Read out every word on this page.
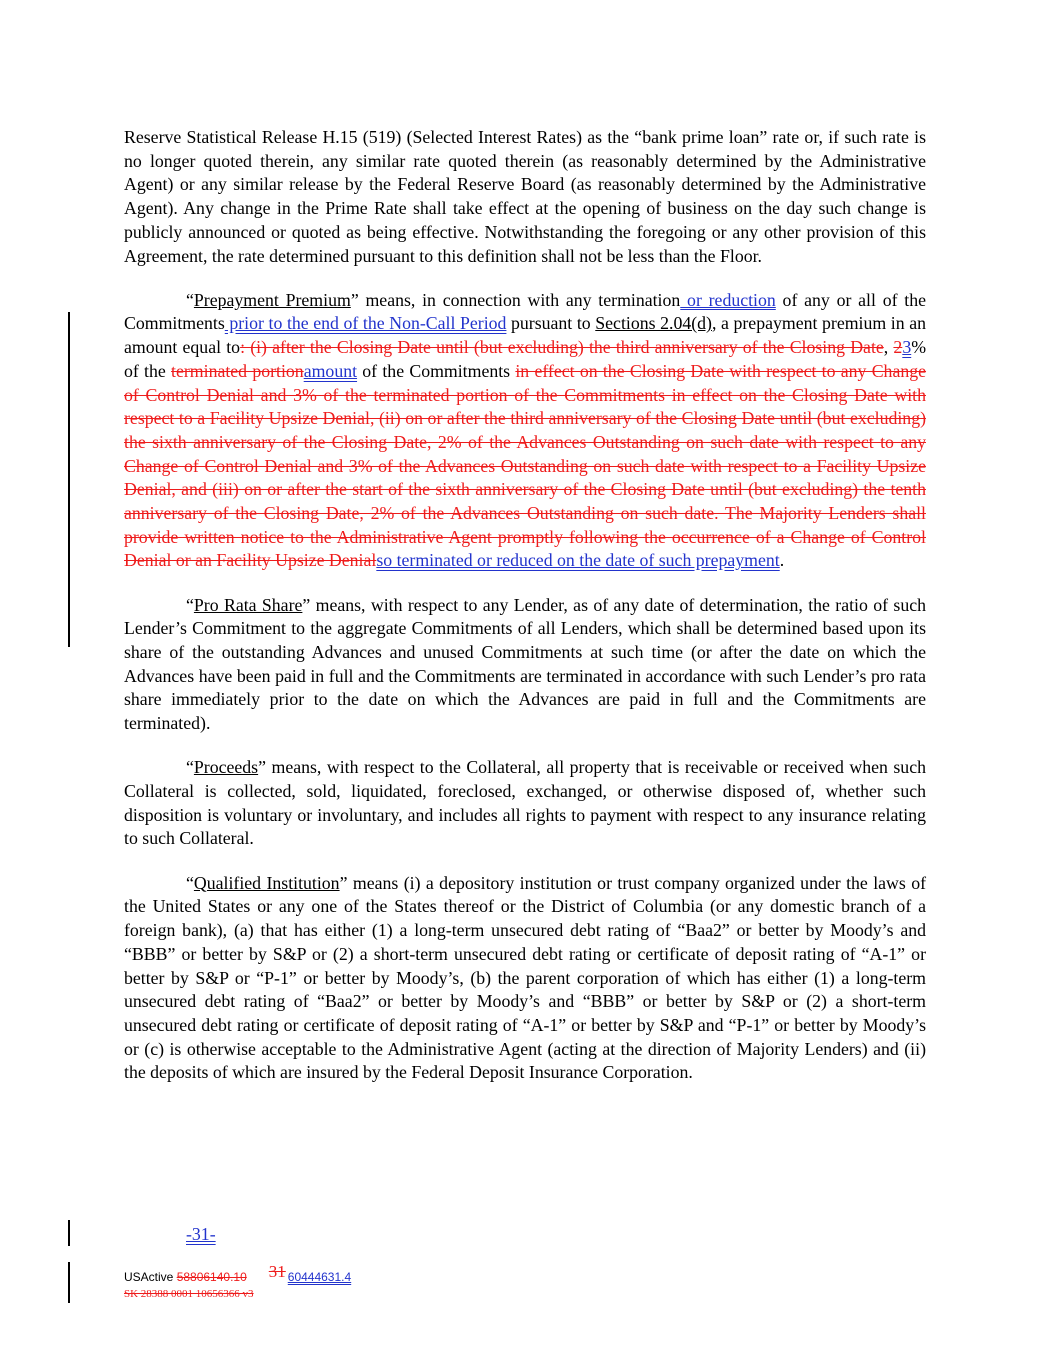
Reserve Statistical Release H.15 (519) (Selected Interest Rates) as the “bank prime loan” rate or, if such rate is no longer quoted therein, any similar rate quoted therein (as reasonably determined by the Administrative Agent) or any similar release by the Federal Reserve Board (as reasonably determined by the Administrative Agent). Any change in the Prime Rate shall take effect at the opening of business on the day such change is publicly announced or quoted as being effective. Notwithstanding the foregoing or any other provision of this Agreement, the rate determined pursuant to this definition shall not be less than the Floor.

“Prepayment Premium” means, in connection with any termination or reduction of any or all of the Commitments prior to the end of the Non-Call Period pursuant to Sections 2.04(d), a prepayment premium in an amount equal to: (i) after the Closing Date until (but excluding) the third anniversary of the Closing Date, 23% of the terminated portionamount of the Commitments in effect on the Closing Date with respect to any Change of Control Denial and 3% of the terminated portion of the Commitments in effect on the Closing Date with respect to a Facility Upsize Denial, (ii) on or after the third anniversary of the Closing Date until (but excluding) the sixth anniversary of the Closing Date, 2% of the Advances Outstanding on such date with respect to any Change of Control Denial and 3% of the Advances Outstanding on such date with respect to a Facility Upsize Denial, and (iii) on or after the start of the sixth anniversary of the Closing Date until (but excluding) the tenth anniversary of the Closing Date, 2% of the Advances Outstanding on such date. The Majority Lenders shall provide written notice to the Administrative Agent promptly following the occurrence of a Change of Control Denial or an Facility Upsize Denialso terminated or reduced on the date of such prepayment.

“Pro Rata Share” means, with respect to any Lender, as of any date of determination, the ratio of such Lender’s Commitment to the aggregate Commitments of all Lenders, which shall be determined based upon its share of the outstanding Advances and unused Commitments at such time (or after the date on which the Advances have been paid in full and the Commitments are terminated in accordance with such Lender’s pro rata share immediately prior to the date on which the Advances are paid in full and the Commitments are terminated).

“Proceeds” means, with respect to the Collateral, all property that is receivable or received when such Collateral is collected, sold, liquidated, foreclosed, exchanged, or otherwise disposed of, whether such disposition is voluntary or involuntary, and includes all rights to payment with respect to any insurance relating to such Collateral.

“Qualified Institution” means (i) a depository institution or trust company organized under the laws of the United States or any one of the States thereof or the District of Columbia (or any domestic branch of a foreign bank), (a) that has either (1) a long-term unsecured debt rating of “Baa2” or better by Moody’s and “BBB” or better by S&P or (2) a short-term unsecured debt rating or certificate of deposit rating of “A-1” or better by S&P or “P-1” or better by Moody’s, (b) the parent corporation of which has either (1) a long-term unsecured debt rating of “Baa2” or better by Moody’s and “BBB” or better by S&P or (2) a short-term unsecured debt rating or certificate of deposit rating of “A-1” or better by S&P and “P-1” or better by Moody’s or (c) is otherwise acceptable to the Administrative Agent (acting at the direction of Majority Lenders) and (ii) the deposits of which are insured by the Federal Deposit Insurance Corporation.

-31-
USActive 58806140.10 31 60444631.4
SK 28388 0001 10656366 v3
